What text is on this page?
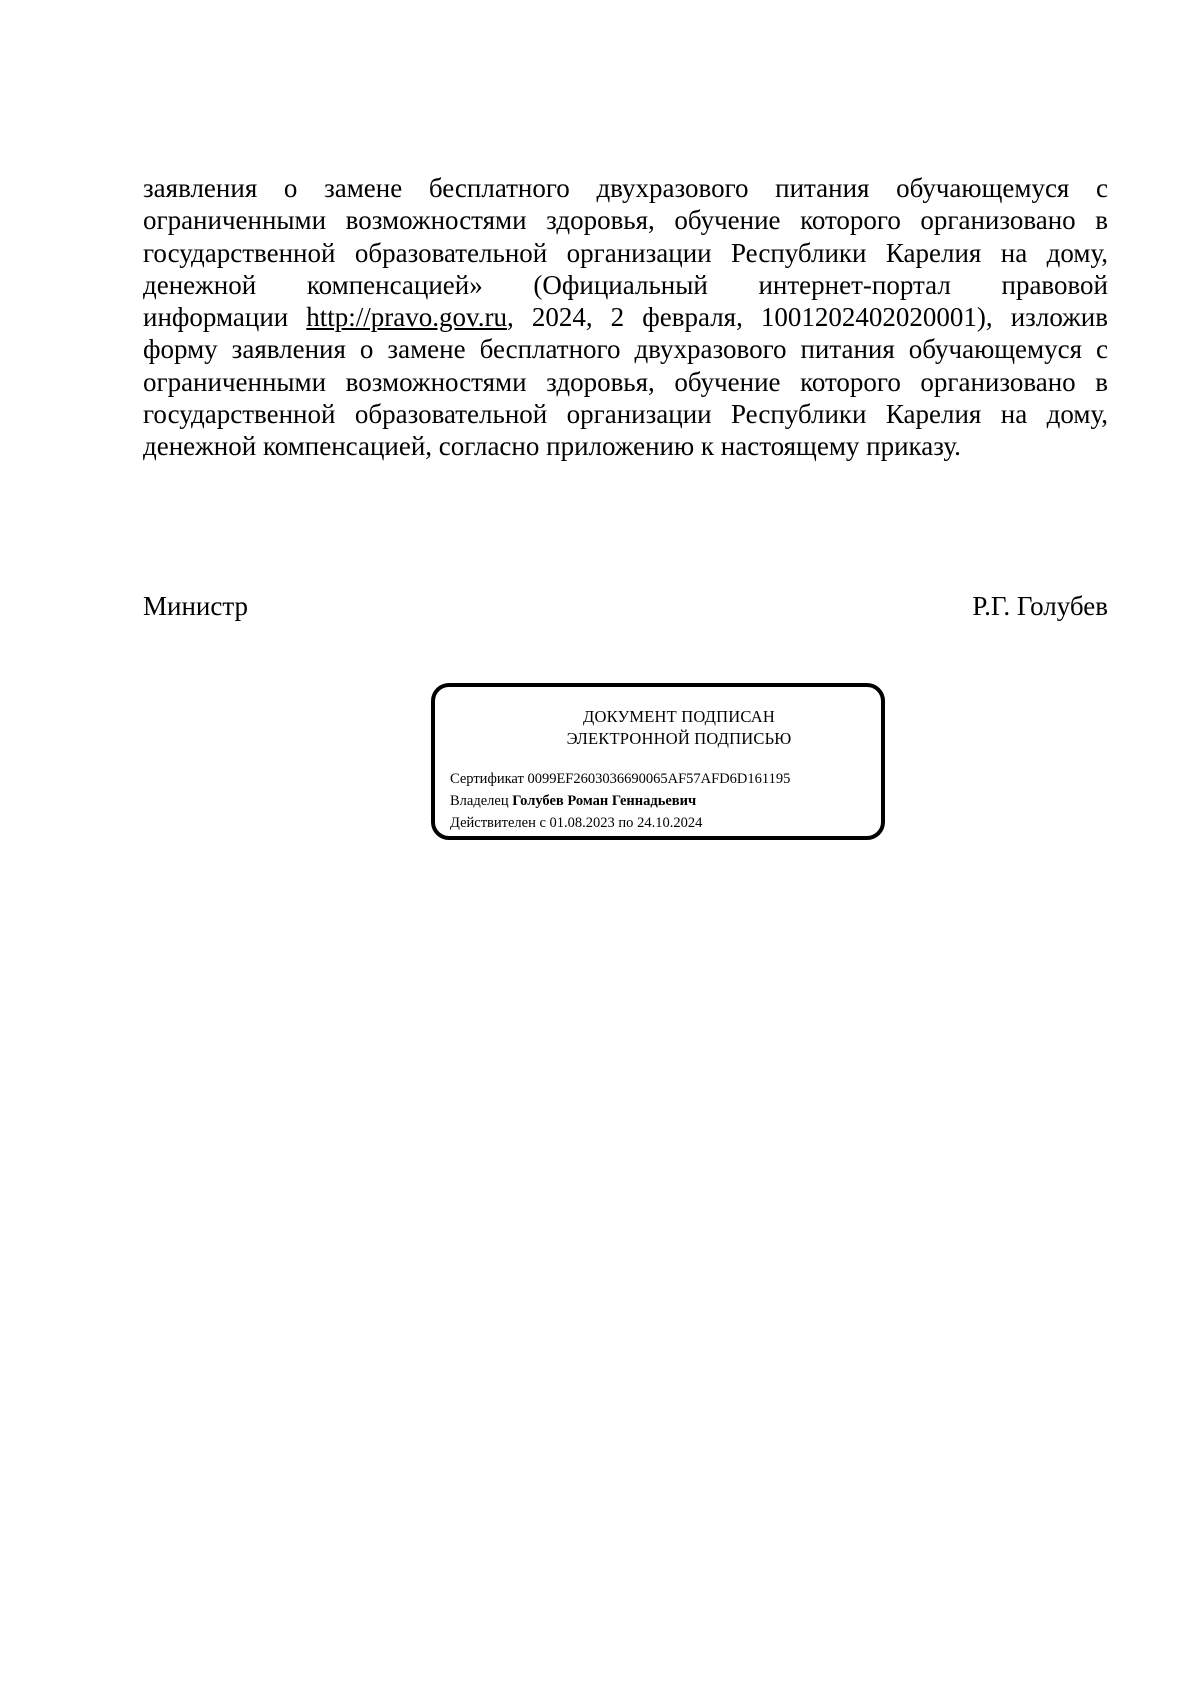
заявления о замене бесплатного двухразового питания обучающемуся с
ограниченными возможностями здоровья, обучение которого организовано в
государственной образовательной организации Республики Карелия на дому,
денежной компенсацией» (Официальный интернет-портал правовой
информации http://pravo.gov.ru, 2024, 2 февраля, 1001202402020001), изложив
форму заявления о замене бесплатного двухразового питания обучающемуся с
ограниченными возможностями здоровья, обучение которого организовано в
государственной образовательной организации Республики Карелия на дому,
денежной компенсацией, согласно приложению к настоящему приказу.
Министр	Р.Г. Голубев
ДОКУМЕНТ ПОДПИСАН
ЭЛЕКТРОННОЙ ПОДПИСЬЮ
Сертификат 0099EF2603036690065AF57AFD6D161195
Владелец Голубев Роман Геннадьевич
Действителен с 01.08.2023 по 24.10.2024
